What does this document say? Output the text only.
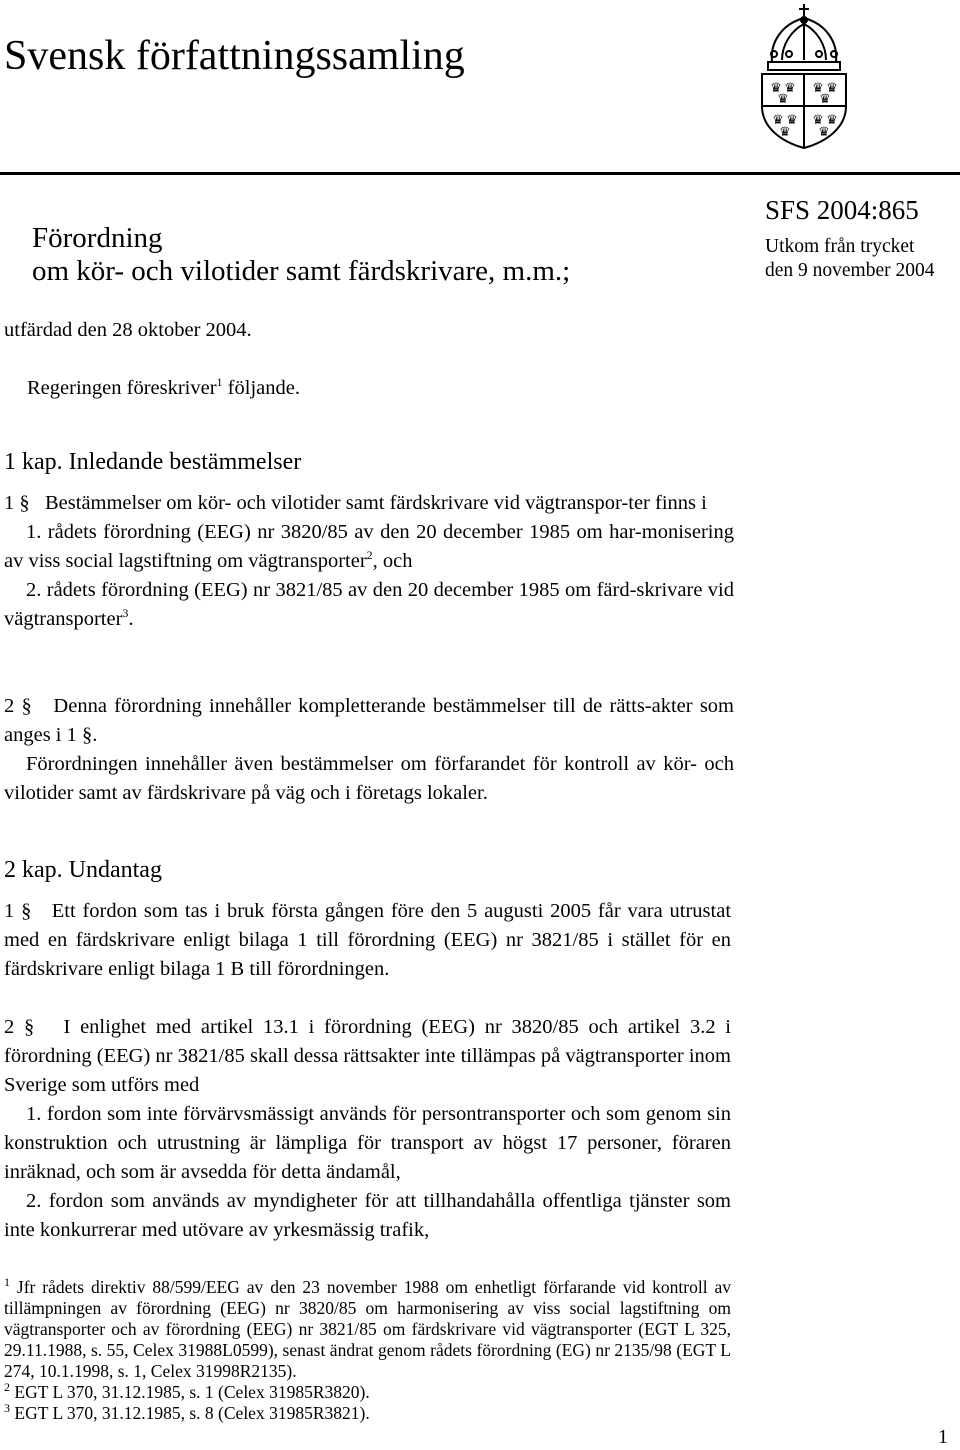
Svensk författningssamling
♛ ♛
♛
♛ ♛
♛
♛ ♛
♛
♛ ♛
♛
Förordning
om kör- och vilotider samt färdskrivare, m.m.;
SFS 2004:865
Utkom från trycket
den 9 november 2004
utfärdad den 28 oktober 2004.
Regeringen föreskriver$^1$ följande.
1 kap. Inledande bestämmelser

1 § Bestämmelser om kör- och vilotider samt färdskrivare vid vägtranspor-ter finns i

1. rådets förordning (EEG) nr 3820/85 av den 20 december 1985 om har-monisering av viss social lagstiftning om vägtransporter$^2$, och

2. rådets förordning (EEG) nr 3821/85 av den 20 december 1985 om färd-skrivare vid vägtransporter$^3$.

2 § Denna förordning innehåller kompletterande bestämmelser till de rätts-akter som anges i 1 §.

Förordningen innehåller även bestämmelser om förfarandet för kontroll av kör- och vilotider samt av färdskrivare på väg och i företags lokaler.

2 kap. Undantag

1 § Ett fordon som tas i bruk första gången före den 5 augusti 2005 får vara utrustat med en färdskrivare enligt bilaga 1 till förordning (EEG) nr 3821/85 i stället för en färdskrivare enligt bilaga 1 B till förordningen.

2 § I enlighet med artikel 13.1 i förordning (EEG) nr 3820/85 och artikel 3.2 i förordning (EEG) nr 3821/85 skall dessa rättsakter inte tillämpas på vägtransporter inom Sverige som utförs med

1. fordon som inte förvärvsmässigt används för persontransporter och som genom sin konstruktion och utrustning är lämpliga för transport av högst 17 personer, föraren inräknad, och som är avsedda för detta ändamål,

2. fordon som används av myndigheter för att tillhandahålla offentliga tjänster som inte konkurrerar med utövare av yrkesmässig trafik,

$^1$ Jfr rådets direktiv 88/599/EEG av den 23 november 1988 om enhetligt förfarande vid kontroll av tillämpningen av förordning (EEG) nr 3820/85 om harmonisering av viss social lagstiftning om vägtransporter och av förordning (EEG) nr 3821/85 om färdskrivare vid vägtransporter (EGT L 325, 29.11.1988, s. 55, Celex 31988L0599), senast ändrat genom rådets förordning (EG) nr 2135/98 (EGT L 274, 10.1.1998, s. 1, Celex 31998R2135).

$^2$ EGT L 370, 31.12.1985, s. 1 (Celex 31985R3820).

$^3$ EGT L 370, 31.12.1985, s. 8 (Celex 31985R3821).

1
